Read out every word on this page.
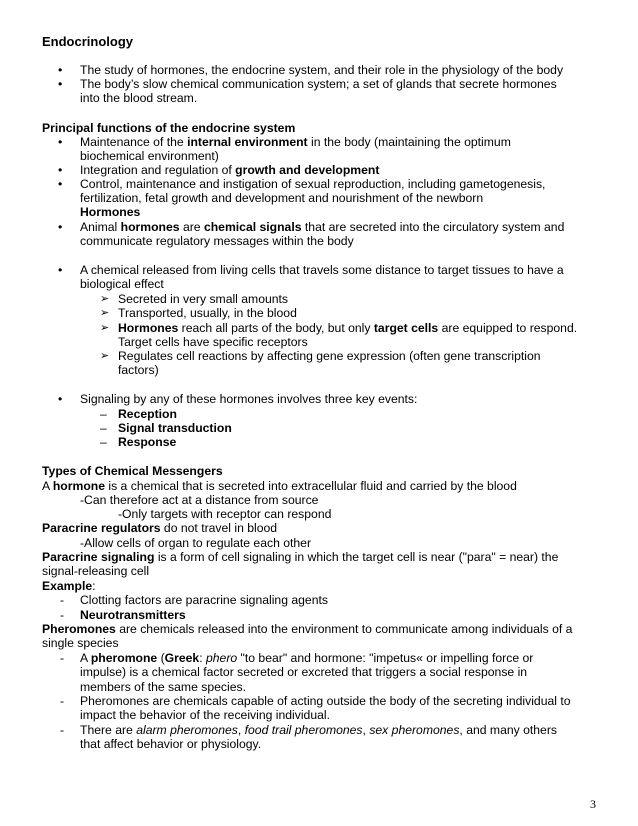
Endocrinology
• The study of hormones, the endocrine system, and their role in the physiology of the body
• The body’s slow chemical communication system; a set of glands that secrete hormones
into the blood stream.
Principal functions of the endocrine system
• Maintenance of the internal environment in the body (maintaining the optimum
biochemical environment)
• Integration and regulation of growth and development
• Control, maintenance and instigation of sexual reproduction, including gametogenesis,
fertilization, fetal growth and development and nourishment of the newborn
Hormones
• Animal hormones are chemical signals that are secreted into the circulatory system and
communicate regulatory messages within the body
• A chemical released from living cells that travels some distance to target tissues to have a
biological effect
➢ Secreted in very small amounts
➢ Transported, usually, in the blood
➢ Hormones reach all parts of the body, but only target cells are equipped to respond.
Target cells have specific receptors
➢ Regulates cell reactions by affecting gene expression (often gene transcription
factors)
• Signaling by any of these hormones involves three key events:
– Reception
– Signal transduction
– Response
Types of Chemical Messengers
A hormone is a chemical that is secreted into extracellular fluid and carried by the blood
-Can therefore act at a distance from source
-Only targets with receptor can respond
Paracrine regulators do not travel in blood
-Allow cells of organ to regulate each other
Paracrine signaling is a form of cell signaling in which the target cell is near ("para" = near) the
signal-releasing cell
Example:
- Clotting factors are paracrine signaling agents
- Neurotransmitters
Pheromones are chemicals released into the environment to communicate among individuals of a
single species
- A pheromone (Greek: phero "to bear" and hormone: "impetus« or impelling force or
impulse) is a chemical factor secreted or excreted that triggers a social response in
members of the same species.
- Pheromones are chemicals capable of acting outside the body of the secreting individual to
impact the behavior of the receiving individual.
- There are alarm pheromones, food trail pheromones, sex pheromones, and many others
that affect behavior or physiology.
3
